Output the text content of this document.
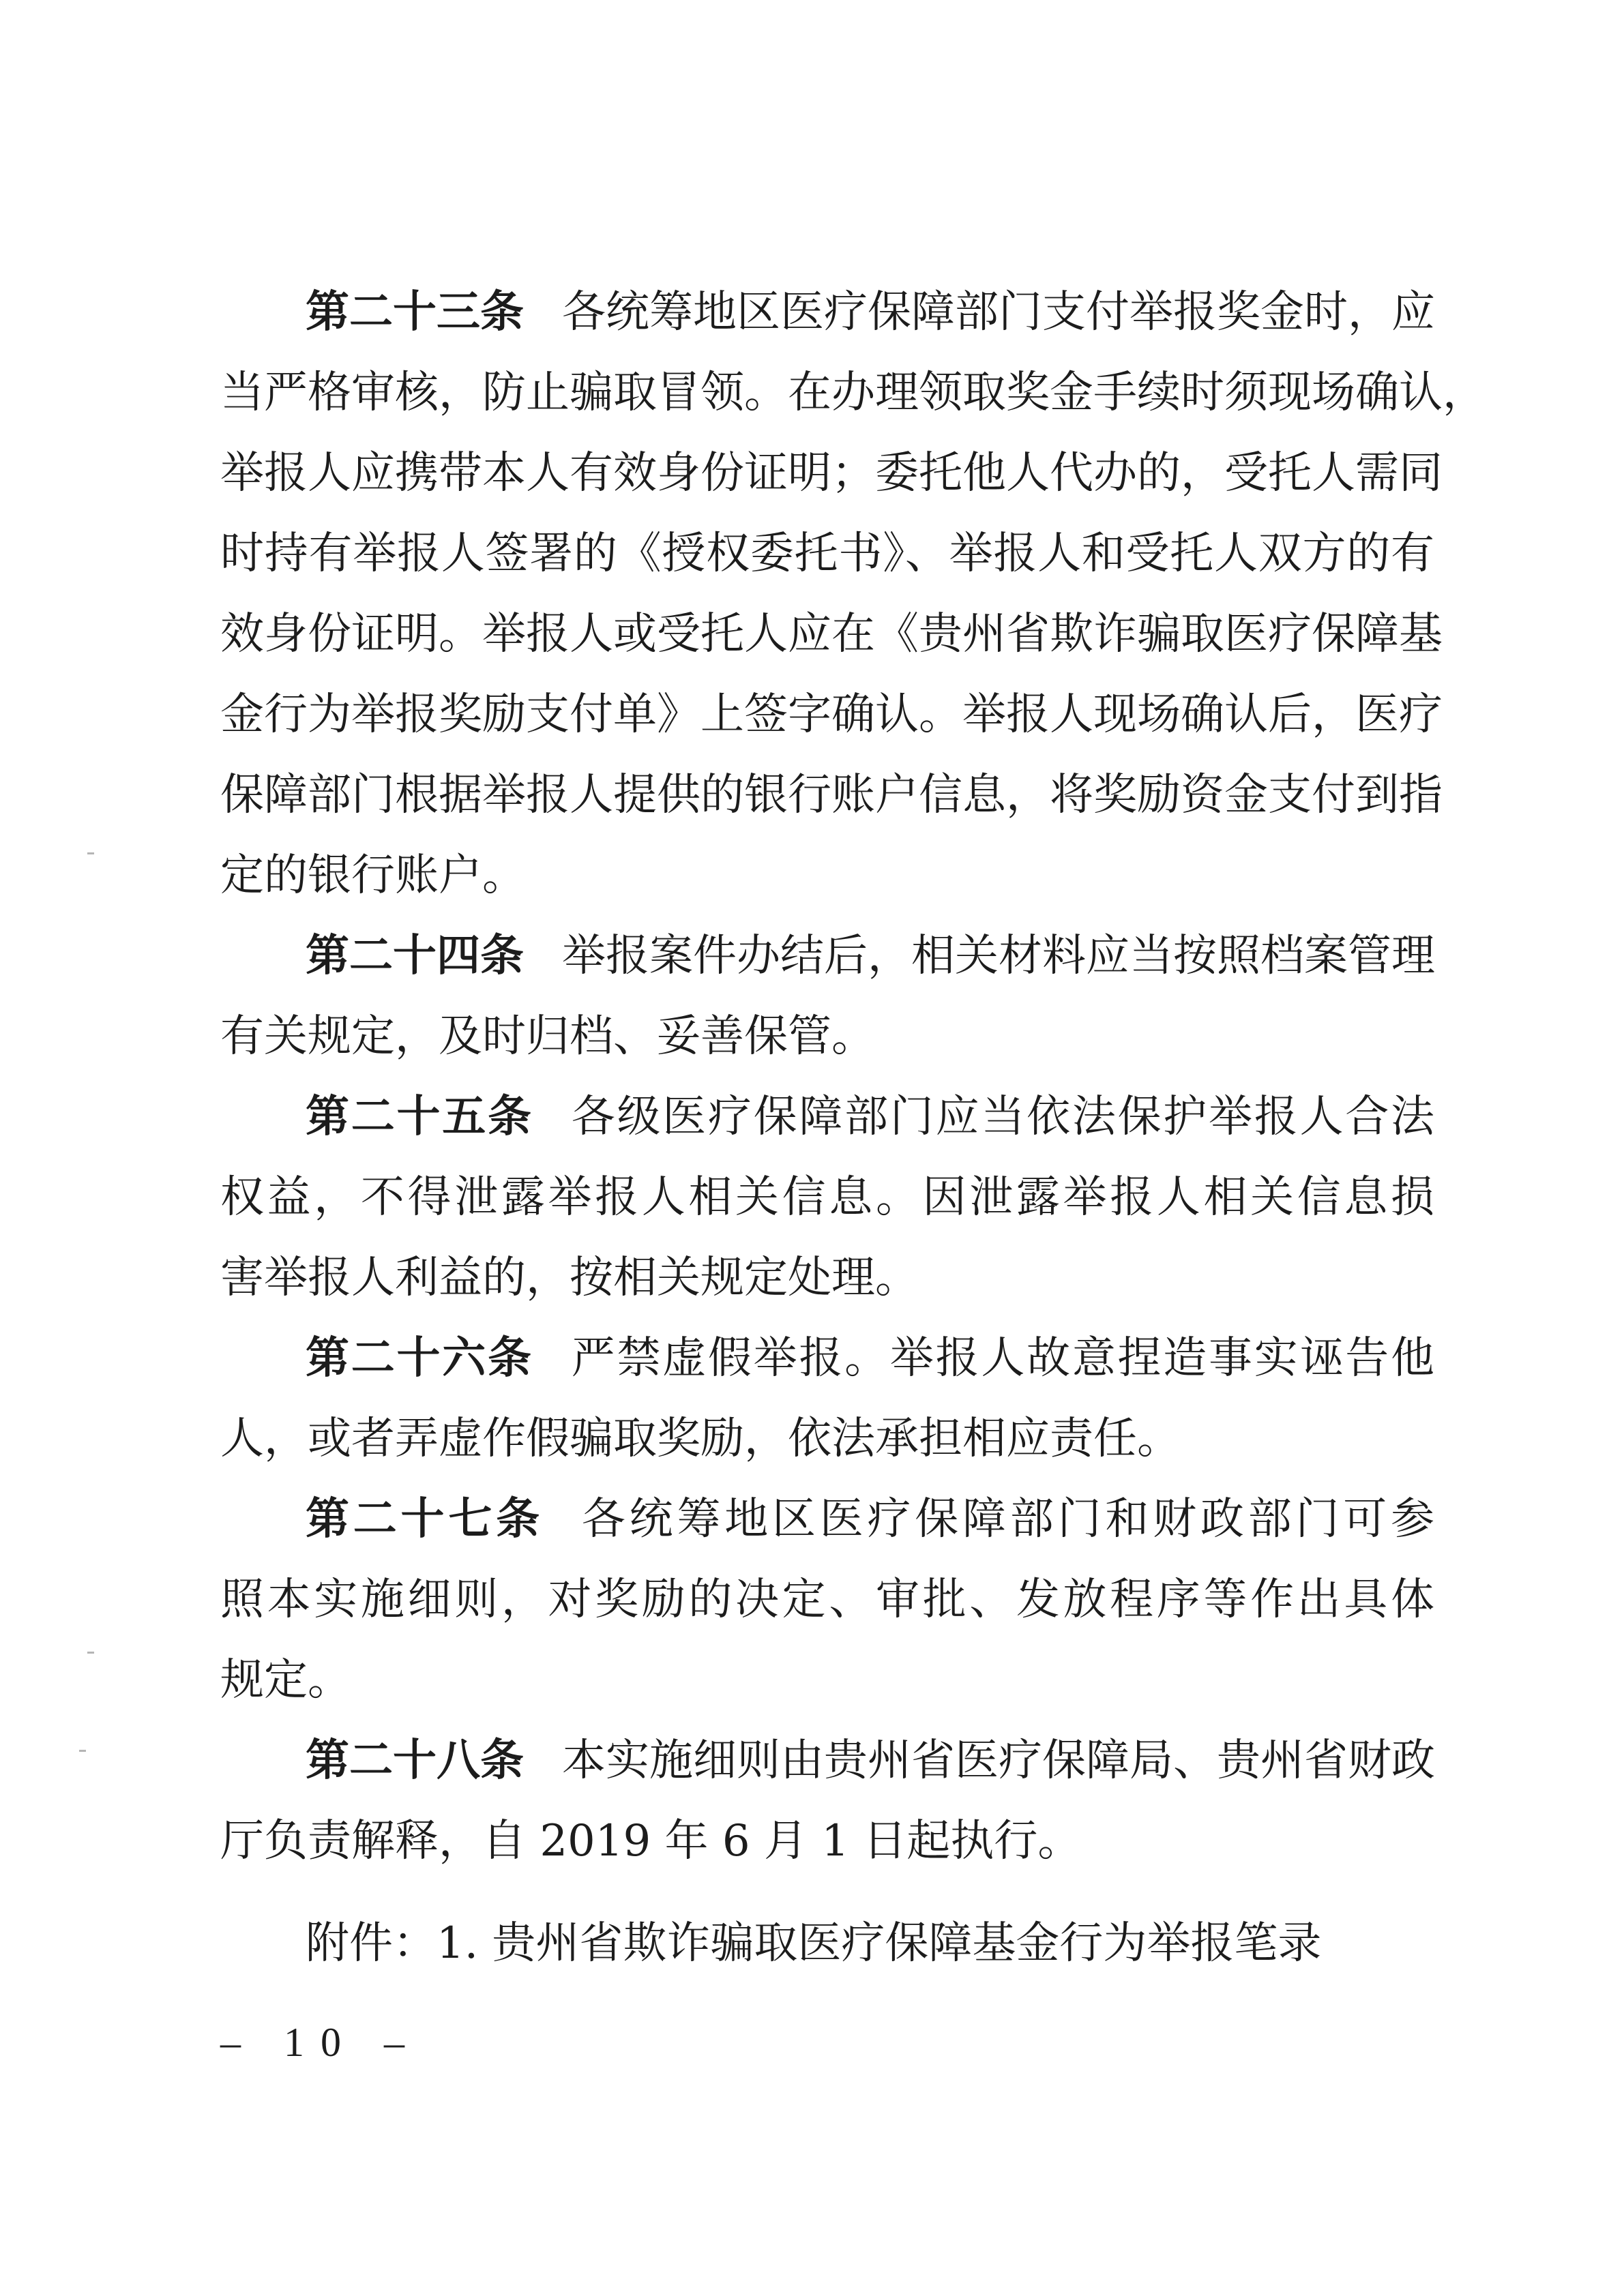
第二十三条 各统筹地区医疗保障部门支付举报奖金时，应
当严格审核，防止骗取冒领。在办理领取奖金手续时须现场确认，
举报人应携带本人有效身份证明；委托他人代办的，受托人需同
时持有举报人签署的《授权委托书》、举报人和受托人双方的有
效身份证明。举报人或受托人应在《贵州省欺诈骗取医疗保障基
金行为举报奖励支付单》上签字确认。举报人现场确认后，医疗
保障部门根据举报人提供的银行账户信息，将奖励资金支付到指
定的银行账户。
第二十四条 举报案件办结后，相关材料应当按照档案管理
有关规定，及时归档、妥善保管。
第二十五条 各级医疗保障部门应当依法保护举报人合法
权益，不得泄露举报人相关信息。因泄露举报人相关信息损
害举报人利益的，按相关规定处理。
第二十六条 严禁虚假举报。举报人故意捏造事实诬告他
人，或者弄虚作假骗取奖励，依法承担相应责任。
第二十七条 各统筹地区医疗保障部门和财政部门可参
照本实施细则，对奖励的决定、审批、发放程序等作出具体
规定。
第二十八条 本实施细则由贵州省医疗保障局、贵州省财政
厅负责解释，自 2019 年 6 月 1 日起执行。
附件：1. 贵州省欺诈骗取医疗保障基金行为举报笔录
– 10 –
